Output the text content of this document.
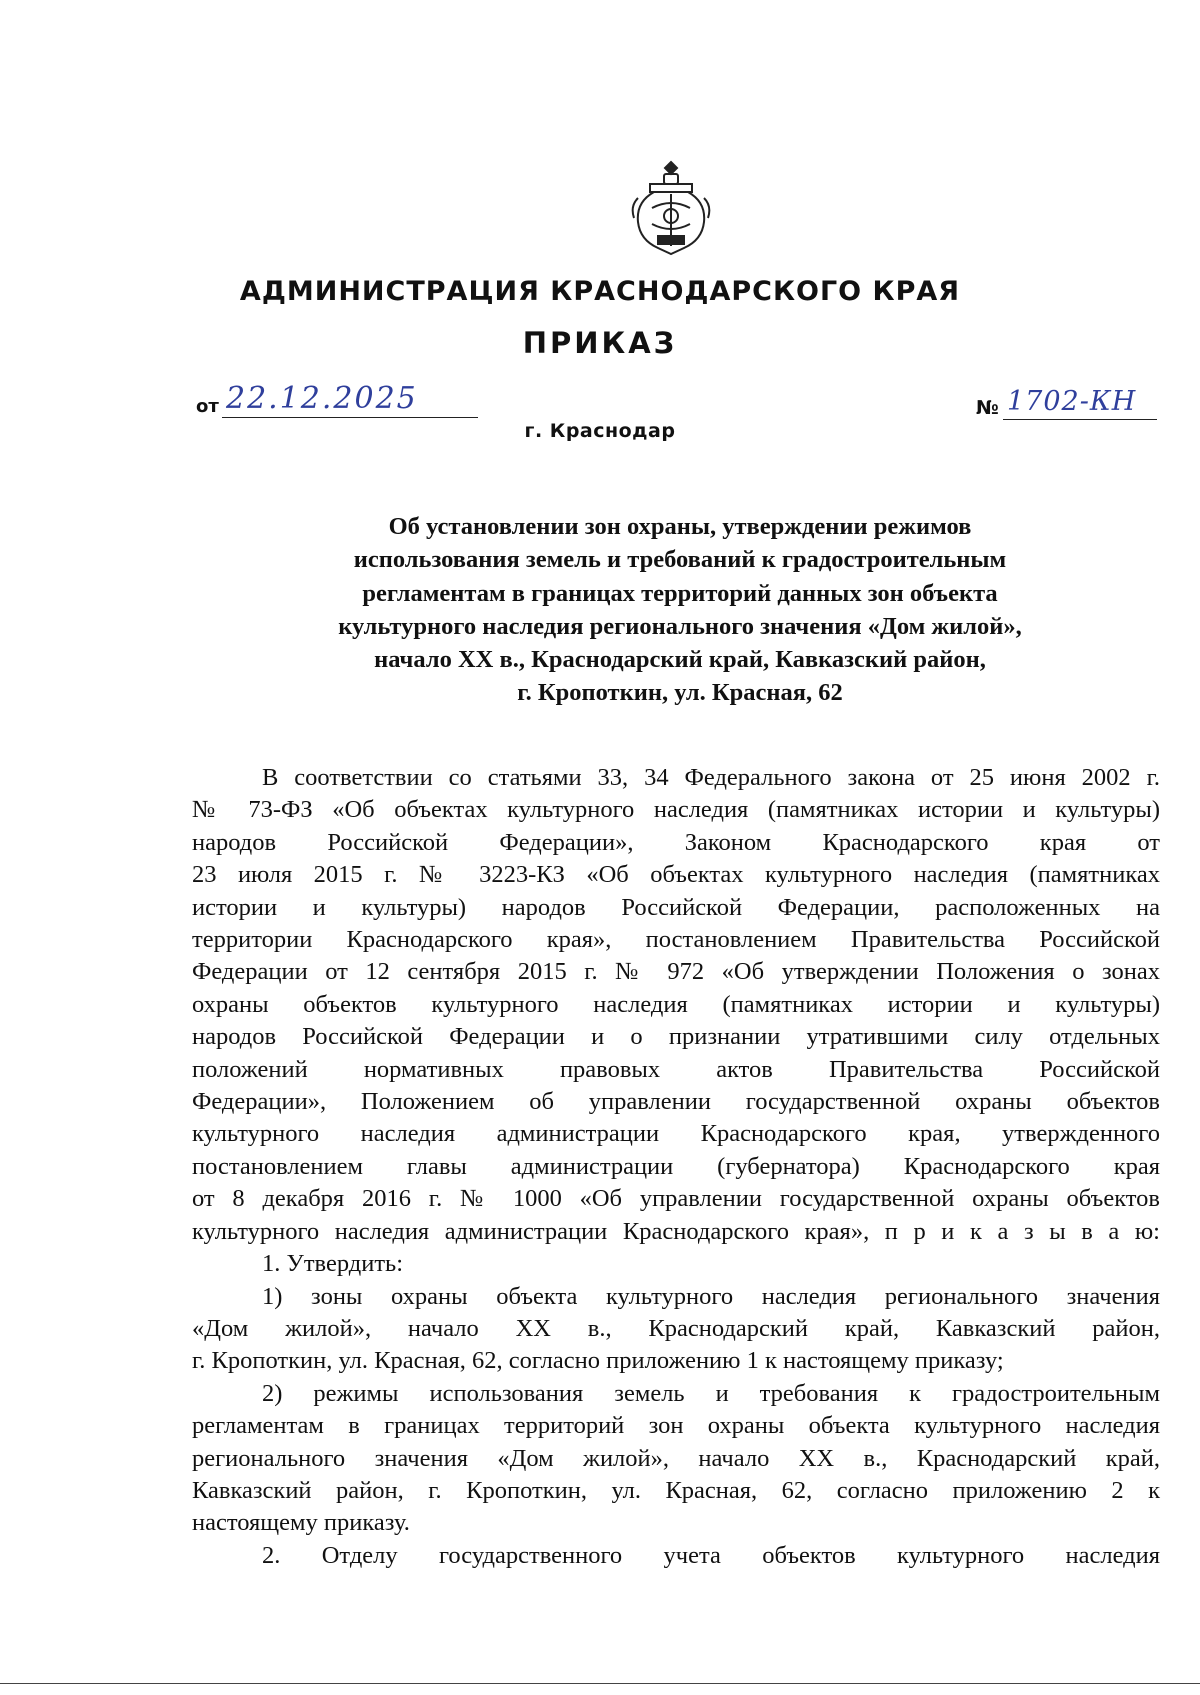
АДМИНИСТРАЦИЯ КРАСНОДАРСКОГО КРАЯ
ПРИКАЗ
от 22.12.2025
г. Краснодар
№ 1702-КН
Об установлении зон охраны, утверждении режимов
использования земель и требований к градостроительным
регламентам в границах территорий данных зон объекта
культурного наследия регионального значения «Дом жилой»,
начало XX в., Краснодарский край, Кавказский район,
г. Кропоткин, ул. Красная, 62

В соответствии со статьями 33, 34 Федерального закона от 25 июня 2002 г.
№ 73-ФЗ «Об объектах культурного наследия (памятниках истории и культуры)
народов Российской Федерации», Законом Краснодарского края от
23 июля 2015 г. № 3223-КЗ «Об объектах культурного наследия (памятниках
истории и культуры) народов Российской Федерации, расположенных на
территории Краснодарского края», постановлением Правительства Российской
Федерации от 12 сентября 2015 г. № 972 «Об утверждении Положения о зонах
охраны объектов культурного наследия (памятниках истории и культуры)
народов Российской Федерации и о признании утратившими силу отдельных
положений нормативных правовых актов Правительства Российской
Федерации», Положением об управлении государственной охраны объектов
культурного наследия администрации Краснодарского края, утвержденного
постановлением главы администрации (губернатора) Краснодарского края
от 8 декабря 2016 г. № 1000 «Об управлении государственной охраны объектов
культурного наследия администрации Краснодарского края», п р и к а з ы в а ю:

1. Утвердить:

1) зоны охраны объекта культурного наследия регионального значения
«Дом жилой», начало XX в., Краснодарский край, Кавказский район,
г. Кропоткин, ул. Красная, 62, согласно приложению 1 к настоящему приказу;

2) режимы использования земель и требования к градостроительным
регламентам в границах территорий зон охраны объекта культурного наследия
регионального значения «Дом жилой», начало XX в., Краснодарский край,
Кавказский район, г. Кропоткин, ул. Красная, 62, согласно приложению 2 к
настоящему приказу.

2. Отделу государственного учета объектов культурного наследия
